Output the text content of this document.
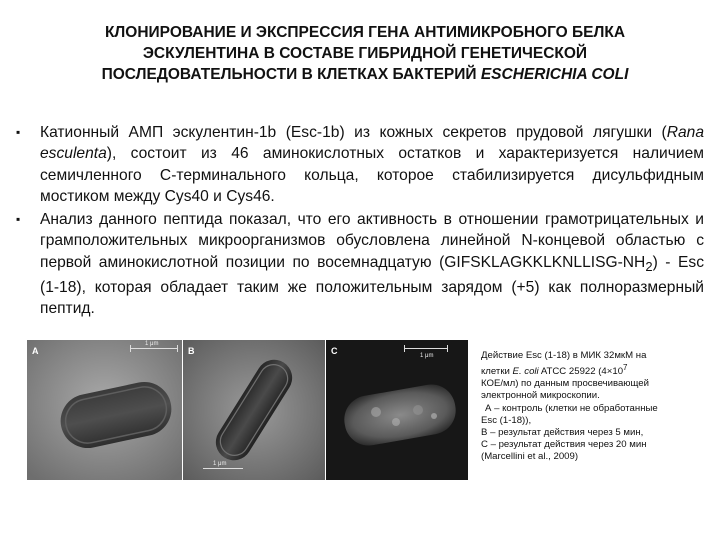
КЛОНИРОВАНИЕ И ЭКСПРЕССИЯ ГЕНА АНТИМИКРОБНОГО БЕЛКА
ЭСКУЛЕНТИНА В СОСТАВЕ ГИБРИДНОЙ ГЕНЕТИЧЕСКОЙ
ПОСЛЕДОВАТЕЛЬНОСТИ В КЛЕТКАХ БАКТЕРИЙ ESCHERICHIA COLI
▪ Катионный АМП эскулентин-1b (Esc-1b) из кожных секретов прудовой лягушки (Rana esculenta), состоит из 46 аминокислотных остатков и характеризуется наличием семичленного С-терминального кольца, которое стабилизируется дисульфидным мостиком между Cys40 и Cys46.
▪ Анализ данного пептида показал, что его активность в отношении грамотрицательных и грамположительных микроорганизмов обусловлена линейной N-концевой областью с первой аминокислотной позиции по восемнадцатую $(GIFSKLAGKKLKNLLISG-NH_2)$ - Esc (1-18), которая обладает таким же положительным зарядом (+5) как полноразмерный пептид.
A
1 μm
B
1 μm
C	1 μm	Действие Esc (1-18) в МИК 32мкМ на
клетки E. coli ATCC 25922 ($4\times 10^7$
КОЕ/мл) по данным просвечивающей
электронной микроскопии.
А – контроль (клетки не обработанные
Esc (1-18)),
В – результат действия через 5 мин,
С – результат действия через 20 мин
(Marcellini et al., 2009)
